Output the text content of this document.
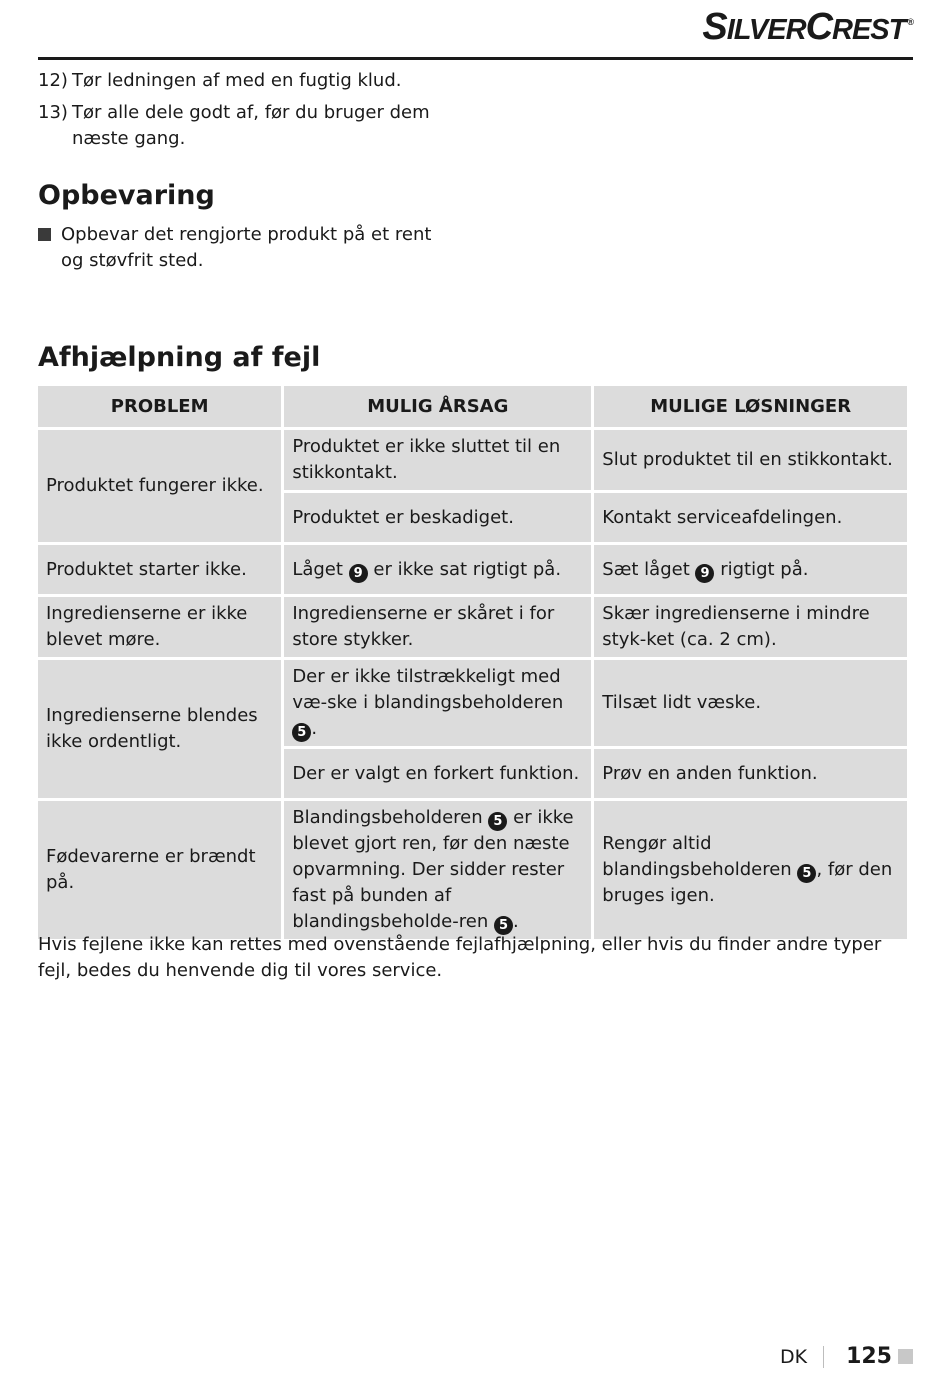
SILVERCREST ®
12) Tør ledningen af med en fugtig klud.
13) Tør alle dele godt af, før du bruger dem næste gang.
Opbevaring
Opbevar det rengjorte produkt på et rent og støvfrit sted.
Afhjælpning af fejl
PROBLEM	MULIG ÅRSAG	MULIGE LØSNINGER
Produktet fungerer ikke.	Produktet er ikke sluttet til en stikkontakt.	Slut produktet til en stikkontakt.
	Produktet er beskadiget.	Kontakt serviceafdelingen.
Produktet starter ikke.	Låget 9 er ikke sat rigtigt på.	Sæt låget 9 rigtigt på.
Ingredienserne er ikke blevet møre.	Ingredienserne er skåret i for store stykker.	Skær ingredienserne i mindre styk-ket (ca. 2 cm).
Ingredienserne blendes ikke ordentligt.	Der er ikke tilstrækkeligt med væ-ske i blandingsbeholderen 5 .	Tilsæt lidt væske.
	Der er valgt en forkert funktion.	Prøv en anden funktion.
Fødevarerne er brændt på.	Blandingsbeholderen 5 er ikke blevet gjort ren, før den næste opvarmning. Der sidder rester fast på bunden af blandingsbeholde-ren 5 .	Rengør altid blandingsbeholderen 5 , før den bruges igen.
Hvis fejlene ikke kan rettes med ovenstående fejlafhjælpning, eller hvis du finder andre typer fejl, bedes du henvende dig til vores service.
DK 125
